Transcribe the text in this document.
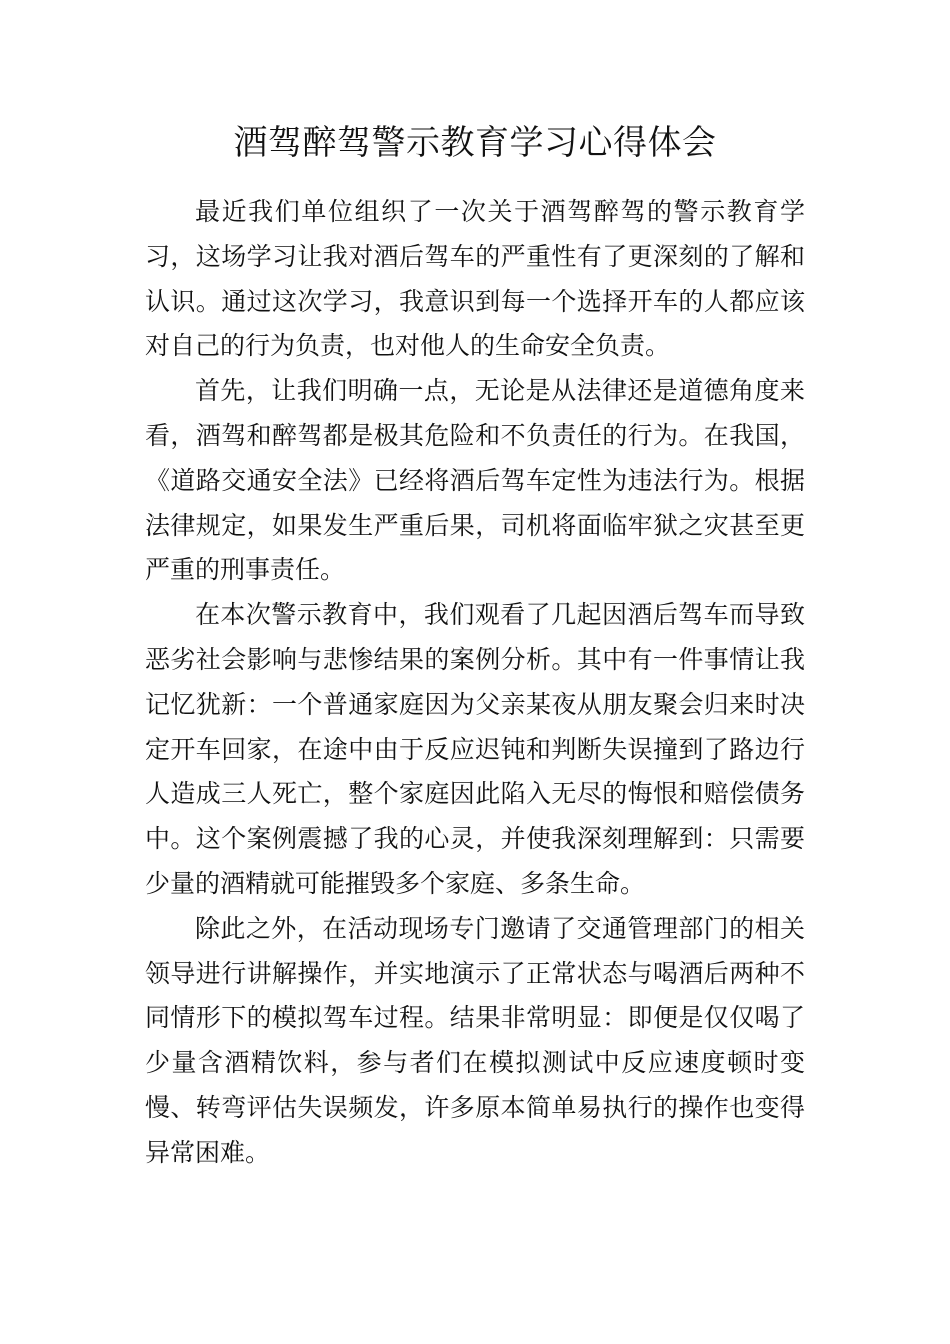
酒驾醉驾警示教育学习心得体会

最近我们单位组织了一次关于酒驾醉驾的警示教育学习，这场学习让我对酒后驾车的严重性有了更深刻的了解和认识。通过这次学习，我意识到每一个选择开车的人都应该对自己的行为负责，也对他人的生命安全负责。

首先，让我们明确一点，无论是从法律还是道德角度来看，酒驾和醉驾都是极其危险和不负责任的行为。在我国，《道路交通安全法》已经将酒后驾车定性为违法行为。根据法律规定，如果发生严重后果，司机将面临牢狱之灾甚至更严重的刑事责任。

在本次警示教育中，我们观看了几起因酒后驾车而导致恶劣社会影响与悲惨结果的案例分析。其中有一件事情让我记忆犹新：一个普通家庭因为父亲某夜从朋友聚会归来时决定开车回家，在途中由于反应迟钝和判断失误撞到了路边行人造成三人死亡，整个家庭因此陷入无尽的悔恨和赔偿债务中。这个案例震撼了我的心灵，并使我深刻理解到：只需要少量的酒精就可能摧毁多个家庭、多条生命。

除此之外，在活动现场专门邀请了交通管理部门的相关领导进行讲解操作，并实地演示了正常状态与喝酒后两种不同情形下的模拟驾车过程。结果非常明显：即便是仅仅喝了少量含酒精饮料，参与者们在模拟测试中反应速度顿时变慢、转弯评估失误频发，许多原本简单易执行的操作也变得异常困难。
